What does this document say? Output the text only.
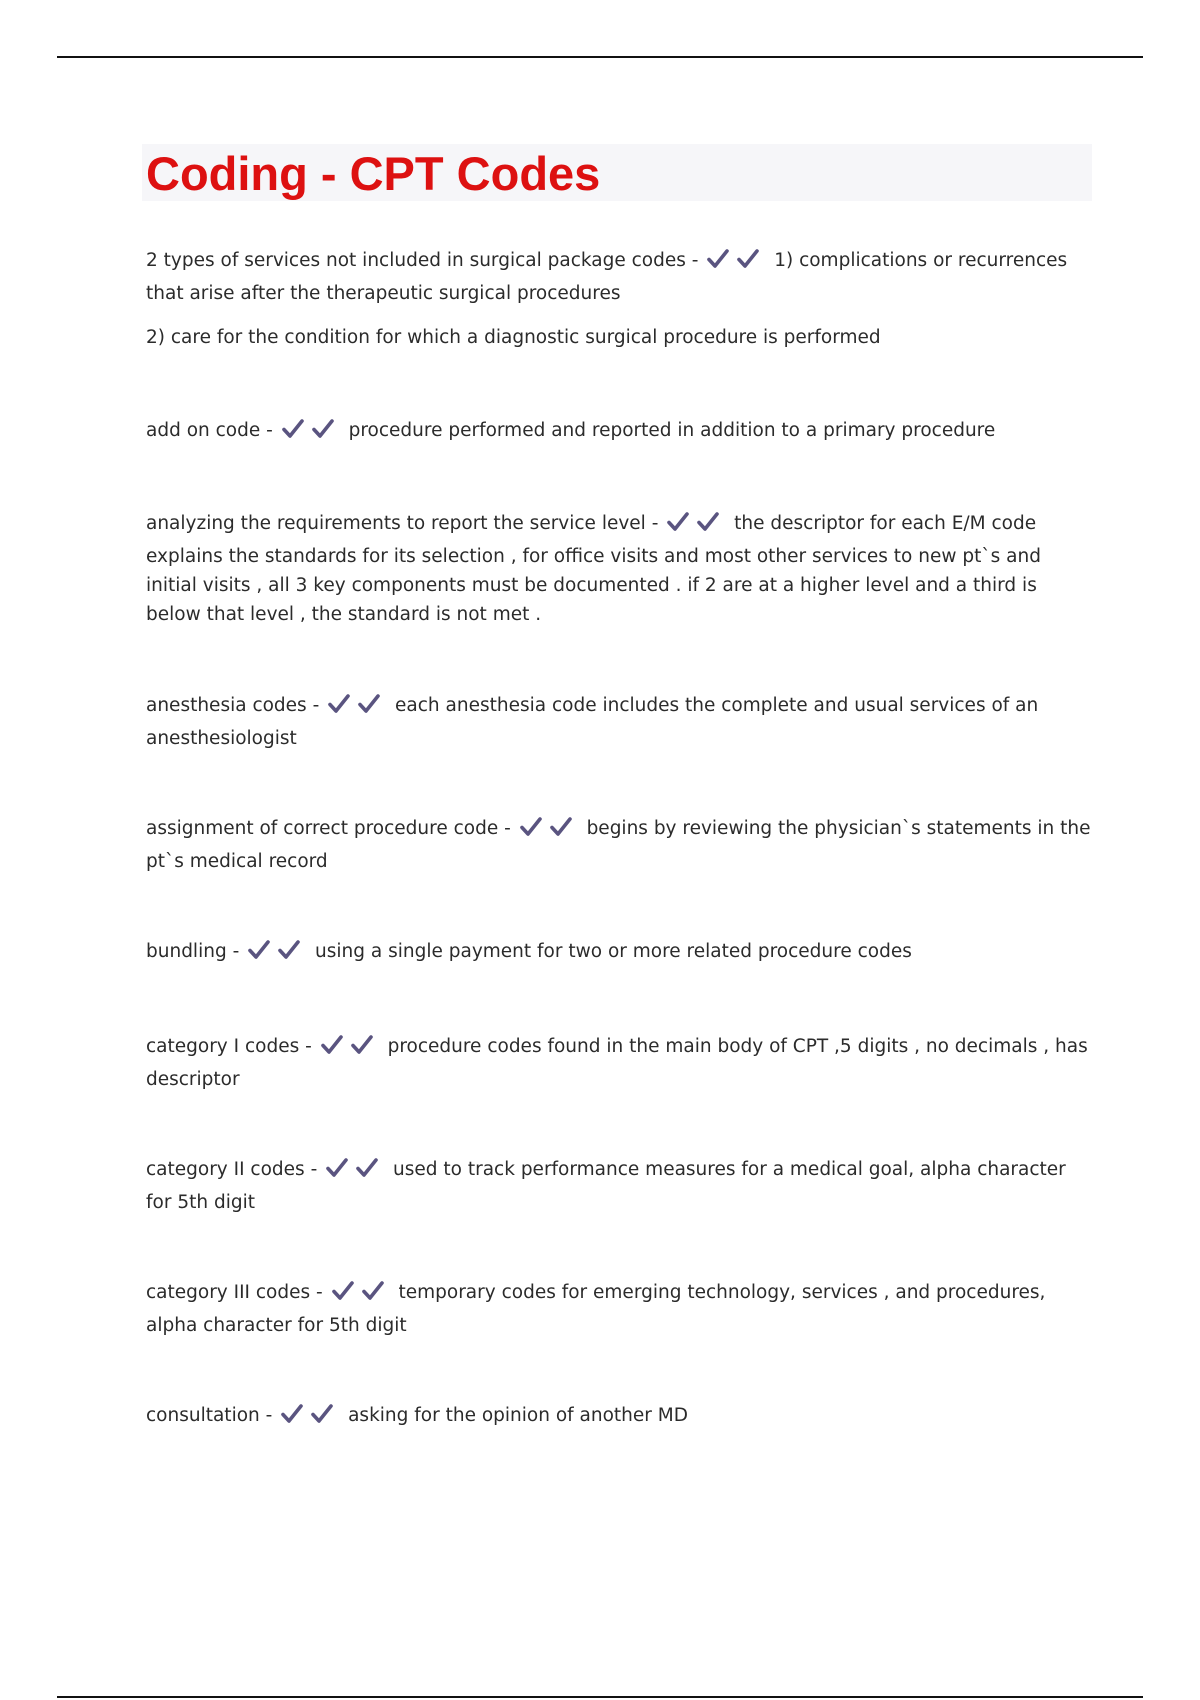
Coding - CPT Codes

2 types of services not included in surgical package codes -	1) complications or recurrences that arise after the therapeutic surgical procedures

2) care for the condition for which a diagnostic surgical procedure is performed

add on code -	procedure performed and reported in addition to a primary procedure

analyzing the requirements to report the service level -	the descriptor for each E/M code explains the standards for its selection , for office visits and most other services to new pt`s and initial visits , all 3 key components must be documented . if 2 are at a higher level and a third is below that level , the standard is not met .

anesthesia codes -	each anesthesia code includes the complete and usual services of an anesthesiologist

assignment of correct procedure code -	begins by reviewing the physician`s statements in the pt`s medical record

bundling -	using a single payment for two or more related procedure codes

category I codes -	procedure codes found in the main body of CPT ,5 digits , no decimals , has descriptor

category II codes -	used to track performance measures for a medical goal, alpha character for 5th digit

category III codes -	temporary codes for emerging technology, services , and procedures, alpha character for 5th digit

consultation -	asking for the opinion of another MD
